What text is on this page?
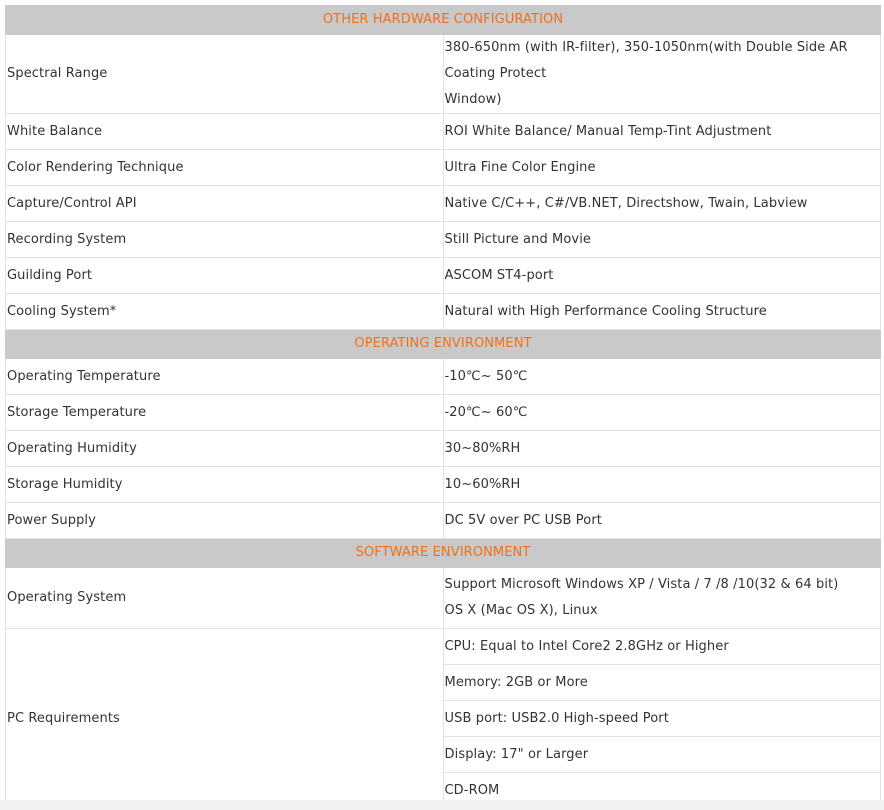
OTHER HARDWARE CONFIGURATION	
Spectral Range	380-650nm (with IR-filter), 350-1050nm(with Double Side AR Coating Protect
Window)
White Balance	ROI White Balance/ Manual Temp-Tint Adjustment
Color Rendering Technique	Ultra Fine Color Engine
Capture/Control API	Native C/C++, C#/VB.NET, Directshow, Twain, Labview
Recording System	Still Picture and Movie
Guilding Port	ASCOM ST4-port
Cooling System*	Natural with High Performance Cooling Structure
OPERATING ENVIRONMENT	
Operating Temperature	-10℃~ 50℃
Storage Temperature	-20℃~ 60℃
Operating Humidity	30~80%RH
Storage Humidity	10~60%RH
Power Supply	DC 5V over PC USB Port
SOFTWARE ENVIRONMENT	
Operating System	Support Microsoft Windows XP / Vista / 7 /8 /10(32 & 64 bit)
OS X (Mac OS X), Linux
PC Requirements	CPU: Equal to Intel Core2 2.8GHz or Higher
	Memory: 2GB or More
	USB port: USB2.0 High-speed Port
	Display: 17" or Larger
	CD-ROM
